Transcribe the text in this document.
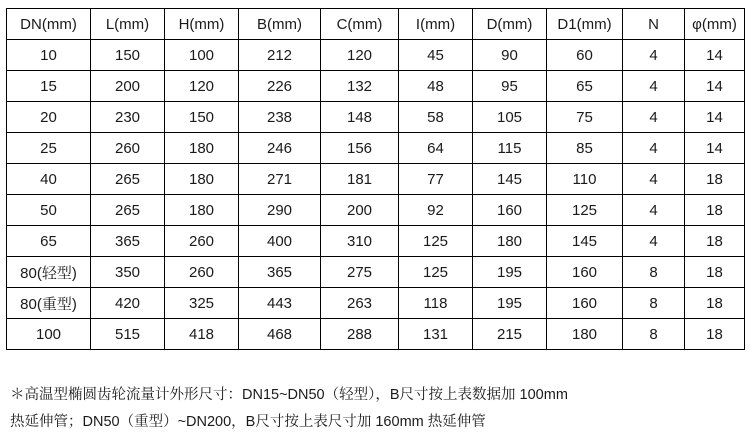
DN(mm)	L(mm)	H(mm)	B(mm)	C(mm)	I(mm)	D(mm)	D1(mm)	N	φ(mm)
10	150	100	212	120	45	90	60	4	14
15	200	120	226	132	48	95	65	4	14
20	230	150	238	148	58	105	75	4	14
25	260	180	246	156	64	115	85	4	14
40	265	180	271	181	77	145	110	4	18
50	265	180	290	200	92	160	125	4	18
65	365	260	400	310	125	180	145	4	18
80(轻型)	350	260	365	275	125	195	160	8	18
80(重型)	420	325	443	263	118	195	160	8	18
100	515	418	468	288	131	215	180	8	18
＊高温型椭圆齿轮流量计外形尺寸：DN15~DN50（轻型），B尺寸按上表数据加 100mm
热延伸管；DN50（重型）~DN200，B尺寸按上表尺寸加 160mm 热延伸管
